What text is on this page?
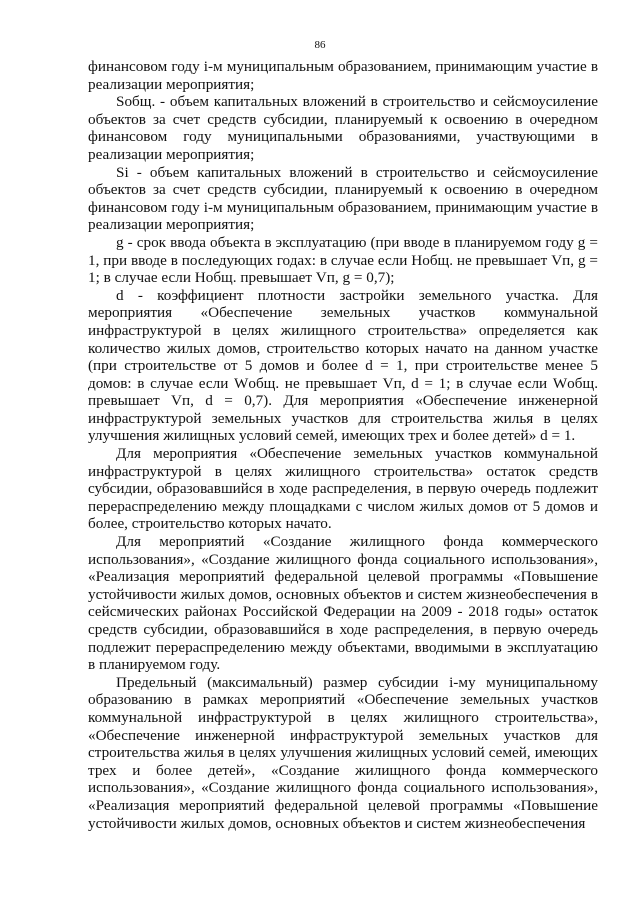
86

финансовом году i-м муниципальным образованием, принимающим участие в реализации мероприятия;

Sобщ. - объем капитальных вложений в строительство и сейсмоусиление объектов за счет средств субсидии, планируемый к освоению в очередном финансовом году муниципальными образованиями, участвующими в реализации мероприятия;

Si - объем капитальных вложений в строительство и сейсмоусиление объектов за счет средств субсидии, планируемый к освоению в очередном финансовом году i-м муниципальным образованием, принимающим участие в реализации мероприятия;

g - срок ввода объекта в эксплуатацию (при вводе в планируемом году g = 1, при вводе в последующих годах: в случае если Hобщ. не превышает Vп, g = 1; в случае если Hобщ. превышает Vп, g = 0,7);

d - коэффициент плотности застройки земельного участка. Для мероприятия «Обеспечение земельных участков коммунальной инфраструктурой в целях жилищного строительства» определяется как количество жилых домов, строительство которых начато на данном участке (при строительстве от 5 домов и более d = 1, при строительстве менее 5 домов: в случае если Wобщ. не превышает Vп, d = 1; в случае если Wобщ. превышает Vп, d = 0,7). Для мероприятия «Обеспечение инженерной инфраструктурой земельных участков для строительства жилья в целях улучшения жилищных условий семей, имеющих трех и более детей» d = 1.

Для мероприятия «Обеспечение земельных участков коммунальной инфраструктурой в целях жилищного строительства» остаток средств субсидии, образовавшийся в ходе распределения, в первую очередь подлежит перераспределению между площадками с числом жилых домов от 5 домов и более, строительство которых начато.

Для мероприятий «Создание жилищного фонда коммерческого использования», «Создание жилищного фонда социального использования», «Реализация мероприятий федеральной целевой программы «Повышение устойчивости жилых домов, основных объектов и систем жизнеобеспечения в сейсмических районах Российской Федерации на 2009 - 2018 годы» остаток средств субсидии, образовавшийся в ходе распределения, в первую очередь подлежит перераспределению между объектами, вводимыми в эксплуатацию в планируемом году.

Предельный (максимальный) размер субсидии i-му муниципальному образованию в рамках мероприятий «Обеспечение земельных участков коммунальной инфраструктурой в целях жилищного строительства», «Обеспечение инженерной инфраструктурой земельных участков для строительства жилья в целях улучшения жилищных условий семей, имеющих трех и более детей», «Создание жилищного фонда коммерческого использования», «Создание жилищного фонда социального использования», «Реализация мероприятий федеральной целевой программы «Повышение устойчивости жилых домов, основных объектов и систем жизнеобеспечения
